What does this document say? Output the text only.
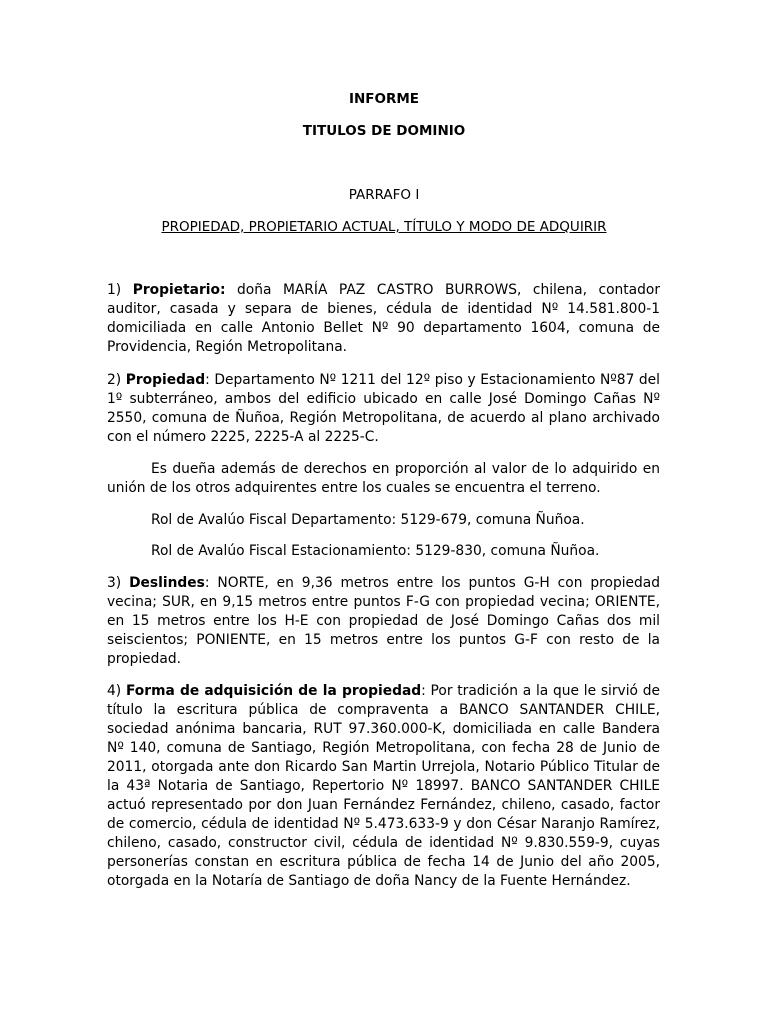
INFORME

TITULOS DE DOMINIO

PARRAFO I

PROPIEDAD, PROPIETARIO ACTUAL, TÍTULO Y MODO DE ADQUIRIR

1) Propietario: doña MARÍA PAZ CASTRO BURROWS, chilena, contador auditor, casada y separa de bienes, cédula de identidad Nº 14.581.800-1 domiciliada en calle Antonio Bellet Nº 90 departamento 1604, comuna de Providencia, Región Metropolitana.

2) Propiedad: Departamento Nº 1211 del 12º piso y Estacionamiento Nº87 del 1º subterráneo, ambos del edificio ubicado en calle José Domingo Cañas Nº 2550, comuna de Ñuñoa, Región Metropolitana, de acuerdo al plano archivado con el número 2225, 2225-A al 2225-C.

Es dueña además de derechos en proporción al valor de lo adquirido en unión de los otros adquirentes entre los cuales se encuentra el terreno.

Rol de Avalúo Fiscal Departamento: 5129-679, comuna Ñuñoa.

Rol de Avalúo Fiscal Estacionamiento: 5129-830, comuna Ñuñoa.

3) Deslindes: NORTE, en 9,36 metros entre los puntos G-H con propiedad vecina; SUR, en 9,15 metros entre puntos F-G con propiedad vecina; ORIENTE, en 15 metros entre los H-E con propiedad de José Domingo Cañas dos mil seiscientos; PONIENTE, en 15 metros entre los puntos G-F con resto de la propiedad.

4) Forma de adquisición de la propiedad: Por tradición a la que le sirvió de título la escritura pública de compraventa a BANCO SANTANDER CHILE, sociedad anónima bancaria, RUT 97.360.000-K, domiciliada en calle Bandera Nº 140, comuna de Santiago, Región Metropolitana, con fecha 28 de Junio de 2011, otorgada ante don Ricardo San Martin Urrejola, Notario Público Titular de la 43ª Notaria de Santiago, Repertorio Nº 18997. BANCO SANTANDER CHILE actuó representado por don Juan Fernández Fernández, chileno, casado, factor de comercio, cédula de identidad Nº 5.473.633-9 y don César Naranjo Ramírez, chileno, casado, constructor civil, cédula de identidad Nº 9.830.559-9, cuyas personerías constan en escritura pública de fecha 14 de Junio del año 2005, otorgada en la Notaría de Santiago de doña Nancy de la Fuente Hernández.
